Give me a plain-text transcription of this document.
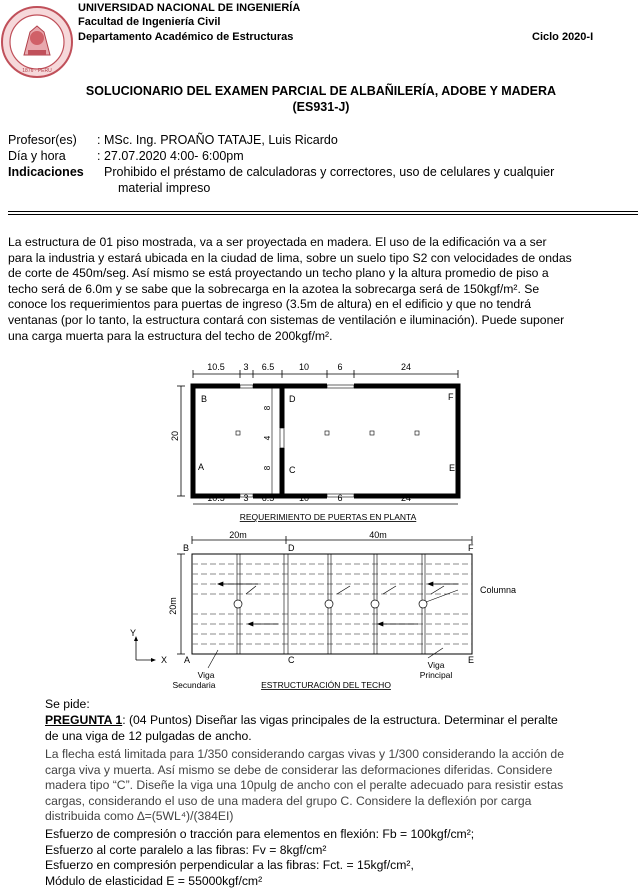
1876 · PERU
UNIVERSIDAD NACIONAL DE INGENIERÍA
Facultad de Ingeniería Civil
Departamento Académico de Estructuras	Ciclo 2020-I
SOLUCIONARIO DEL EXAMEN PARCIAL DE ALBAÑILERÍA, ADOBE Y MADERA
(ES931-J)
Profesor(es) : MSc. Ing. PROAÑO TATAJE, Luis Ricardo
Día y hora	: 27.07.2020 4:00- 6:00pm
Indicaciones Prohibido el préstamo de calculadoras y correctores, uso de celulares y cualquier
material impreso
La estructura de 01 piso mostrada, va a ser proyectada en madera. El uso de la edificación va a ser
para la industria y estará ubicada en la ciudad de lima, sobre un suelo tipo S2 con velocidades de ondas
de corte de 450m/seg. Así mismo se está proyectando un techo plano y la altura promedio de piso a
techo será de 6.0m y se sabe que la sobrecarga en la azotea la sobrecarga será de 150kgf/m². Se
conoce los requerimientos para puertas de ingreso (3.5m de altura) en el edificio y que no tendrá
ventanas (por lo tanto, la estructura contará con sistemas de ventilación e iluminación). Puede suponer
una carga muerta para la estructura del techo de 200kgf/m².
10.5 3 6.5	10	6	24
20
8
4
8
B	D	F
A	C	E
10.5 3 6.5	10	6	24
REQUERIMIENTO DE PUERTAS EN PLANTA
20m	40m
B	D	F
Columna
20m
Y
X A	C	E
Viga
Secundaria
Viga
Principal
ESTRUCTURACIÓN DEL TECHO
Se pide:
PREGUNTA 1: (04 Puntos) Diseñar las vigas principales de la estructura. Determinar el peralte
de una viga de 12 pulgadas de ancho.
La flecha está limitada para 1/350 considerando cargas vivas y 1/300 considerando la acción de
carga viva y muerta. Así mismo se debe de considerar las deformaciones diferidas. Considere
madera tipo “C”. Diseñe la viga una 10pulg de ancho con el peralte adecuado para resistir estas
cargas, considerando el uso de una madera del grupo C. Considere la deflexión por carga
distribuida como ∆=(5WL⁴)/(384EI)
Esfuerzo de compresión o tracción para elementos en flexión: Fb = 100kgf/cm²;
Esfuerzo al corte paralelo a las fibras: Fv = 8kgf/cm²
Esfuerzo en compresión perpendicular a las fibras: Fct. = 15kgf/cm²,
Módulo de elasticidad E = 55000kgf/cm²
